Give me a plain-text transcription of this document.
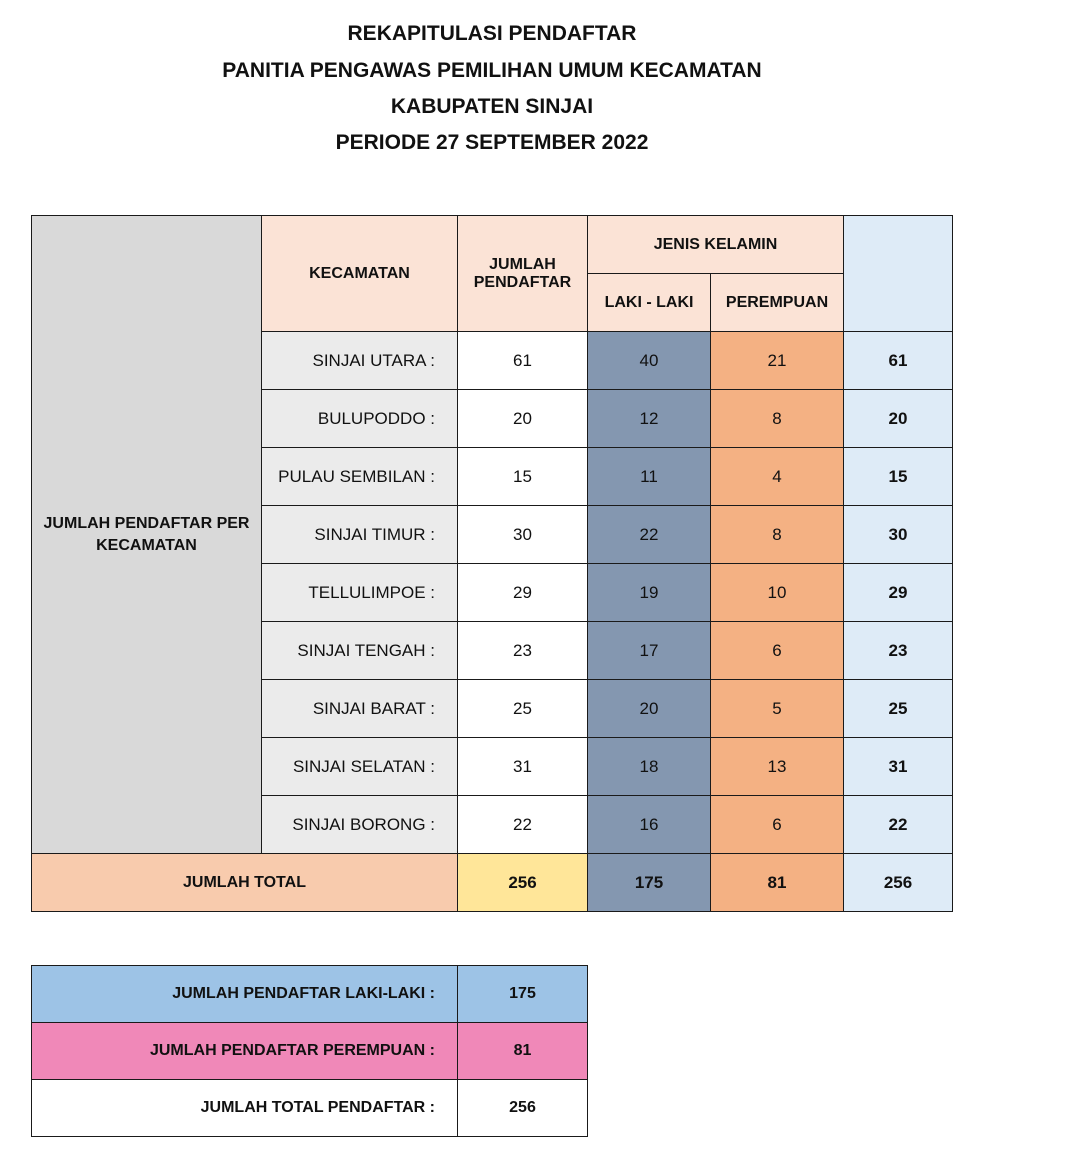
REKAPITULASI PENDAFTAR
PANITIA PENGAWAS PEMILIHAN UMUM KECAMATAN
KABUPATEN SINJAI
PERIODE 27 SEPTEMBER 2022
JUMLAH PENDAFTAR PER KECAMATAN	KECAMATAN	JUMLAH PENDAFTAR	JENIS KELAMIN		
			LAKI - LAKI	PEREMPUAN	
	SINJAI UTARA :	61	40	21	61
	BULUPODDO :	20	12	8	20
	PULAU SEMBILAN :	15	11	4	15
	SINJAI TIMUR :	30	22	8	30
	TELLULIMPOE :	29	19	10	29
	SINJAI TENGAH :	23	17	6	23
	SINJAI BARAT :	25	20	5	25
	SINJAI SELATAN :	31	18	13	31
	SINJAI BORONG :	22	16	6	22
JUMLAH TOTAL		256	175	81	256
JUMLAH PENDAFTAR LAKI-LAKI :	175
JUMLAH PENDAFTAR PEREMPUAN :	81
JUMLAH TOTAL PENDAFTAR :	256
